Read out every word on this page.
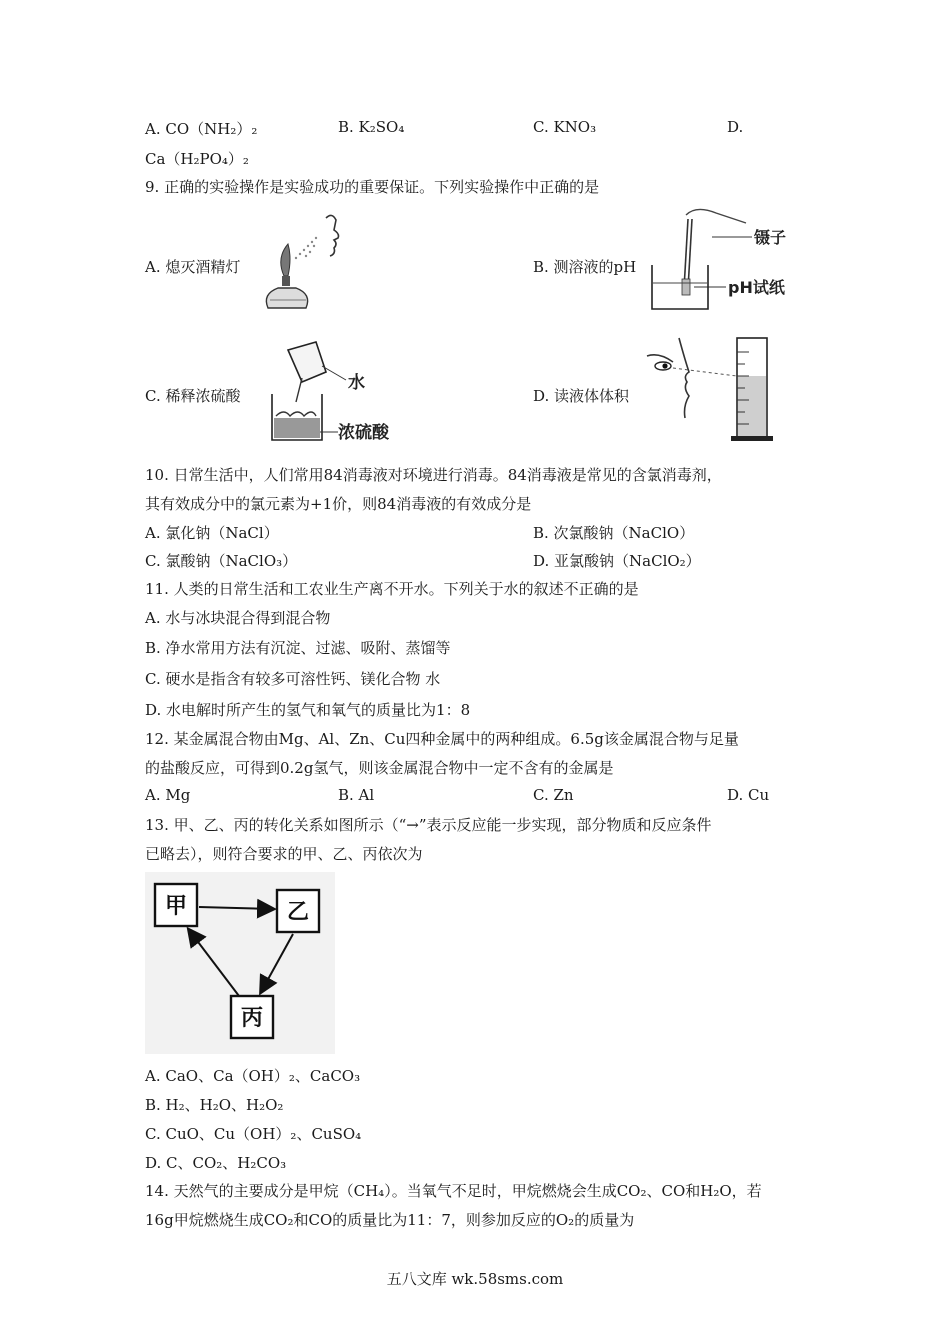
A. CO（NH₂）₂	B. K₂SO₄	C. KNO₃	D.
Ca（H₂PO₄）₂
9. 正确的实验操作是实验成功的重要保证。下列实验操作中正确的是
A. 熄灭酒精灯	B. 测溶液的pH
C. 稀释浓硫酸	D. 读液体体积
镊子
pH试纸
水
浓硫酸
10. 日常生活中，人们常用84消毒液对环境进行消毒。84消毒液是常见的含氯消毒剂，
其有效成分中的氯元素为+1价，则84消毒液的有效成分是
A. 氯化钠（NaCl）	B. 次氯酸钠（NaClO）
C. 氯酸钠（NaClO₃）	D. 亚氯酸钠（NaClO₂）
11. 人类的日常生活和工农业生产离不开水。下列关于水的叙述不正确的是
A. 水与冰块混合得到混合物
B. 净水常用方法有沉淀、过滤、吸附、蒸馏等
C. 硬水是指含有较多可溶性钙、镁化合物 水
D. 水电解时所产生的氢气和氧气的质量比为1：8
12. 某金属混合物由Mg、Al、Zn、Cu四种金属中的两种组成。6.5g该金属混合物与足量
的盐酸反应，可得到0.2g氢气，则该金属混合物中一定不含有的金属是
A. Mg	B. Al	C. Zn	D. Cu
13. 甲、乙、丙的转化关系如图所示（“→”表示反应能一步实现，部分物质和反应条件
已略去），则符合要求的甲、乙、丙依次为
甲	乙
丙
A. CaO、Ca（OH）₂、CaCO₃
B. H₂、H₂O、H₂O₂
C. CuO、Cu（OH）₂、CuSO₄
D. C、CO₂、H₂CO₃
14. 天然气的主要成分是甲烷（CH₄）。当氧气不足时，甲烷燃烧会生成CO₂、CO和H₂O，若
16g甲烷燃烧生成CO₂和CO的质量比为11：7，则参加反应的O₂的质量为
五八文库 wk.58sms.com
